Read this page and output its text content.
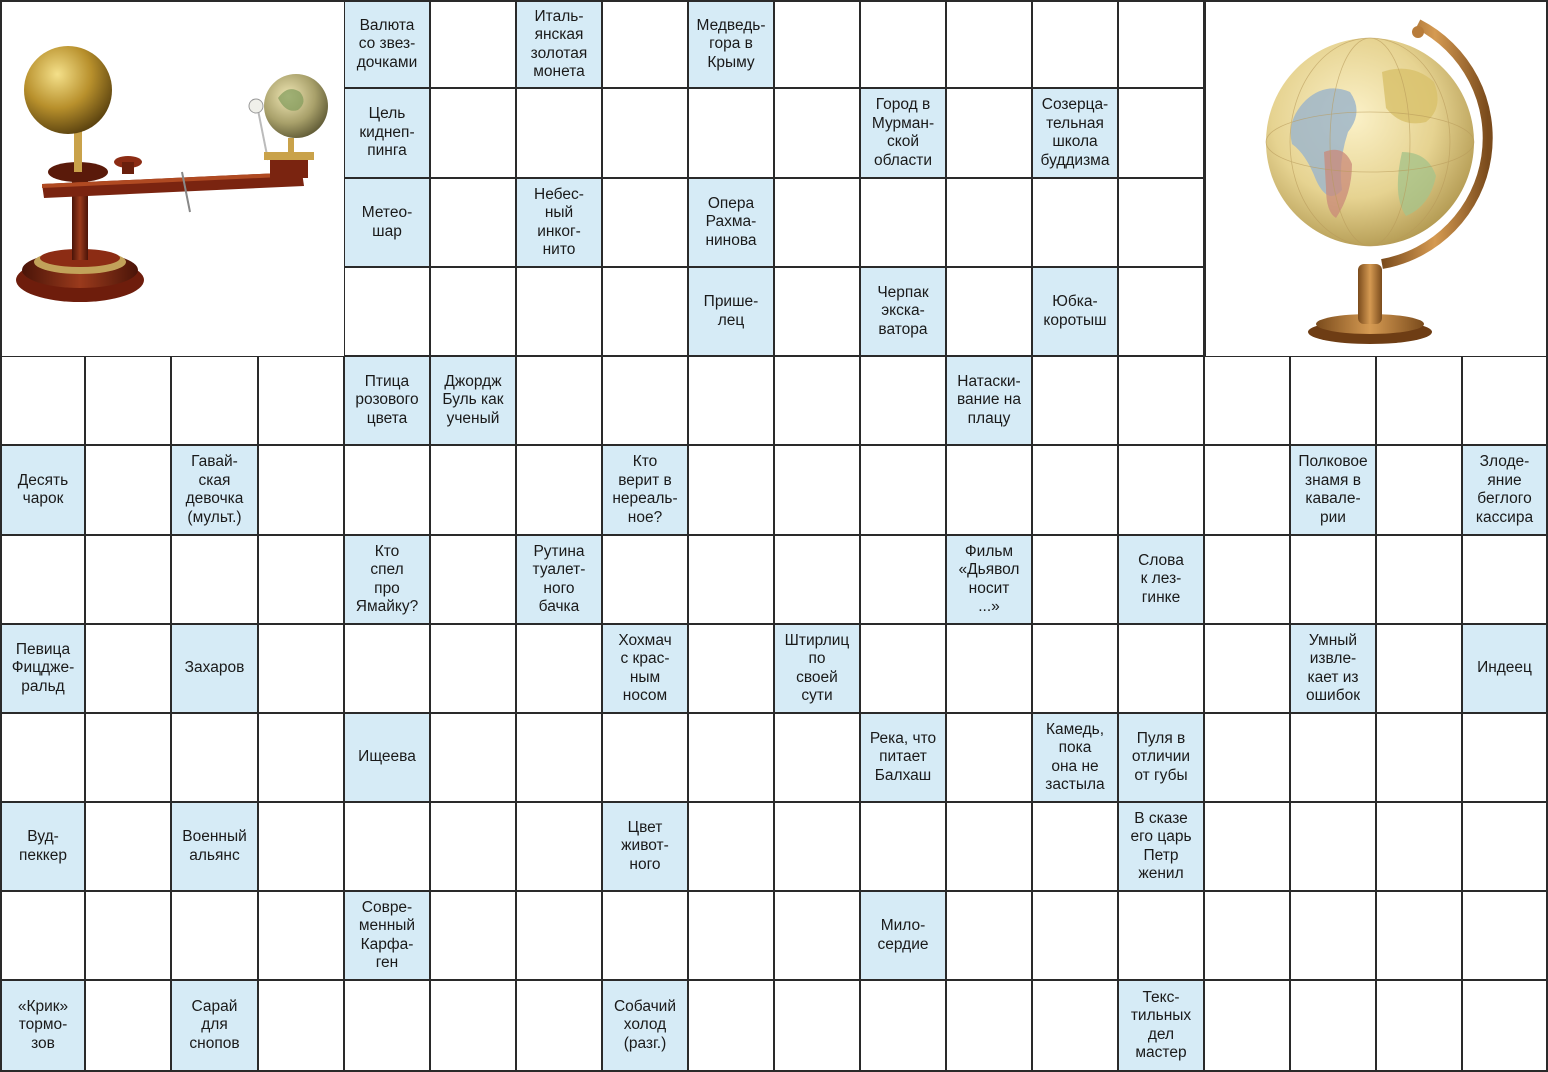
Валюта
со звез-
дочками
Италь-
янская
золотая
монета
Медведь-
гора в
Крыму
Цель
киднеп-
пинга
Город в
Мурман-
ской
области
Созерца-
тельная
школа
буддизма
Метео-
шар
Небес-
ный
инког-
нито
Опера
Рахма-
нинова
Прише-
лец
Черпак
экска-
ватора
Юбка-
коротыш
Птица
розового
цвета
Джордж
Буль как
ученый
Натаски-
вание на
плацу
Десять
чарок
Гавай-
ская
девочка
(мульт.)
Кто
верит в
нереаль-
ное?
Полковое
знамя в
кавале-
рии
Злоде-
яние
беглого
кассира
Кто
спел
про
Ямайку?
Рутина
туалет-
ного
бачка
Фильм
«Дьявол
носит
...»
Слова
к лез-
гинке
Певица
Фицдже-
ральд
Захаров
Хохмач
с крас-
ным
носом
Штирлиц
по
своей
сути
Умный
извле-
кает из
ошибок
Индеец
Ищеева
Река, что
питает
Балхаш
Камедь,
пока
она не
застыла
Пуля в
отличии
от губы
Вуд-
пеккер
Военный
альянс
Цвет
живот-
ного
В сказе
его царь
Петр
женил
Совре-
менный
Карфа-
ген
Мило-
сердие
«Крик»
тормо-
зов
Сарай
для
снопов
Собачий
холод
(разг.)
Текс-
тильных
дел
мастер
